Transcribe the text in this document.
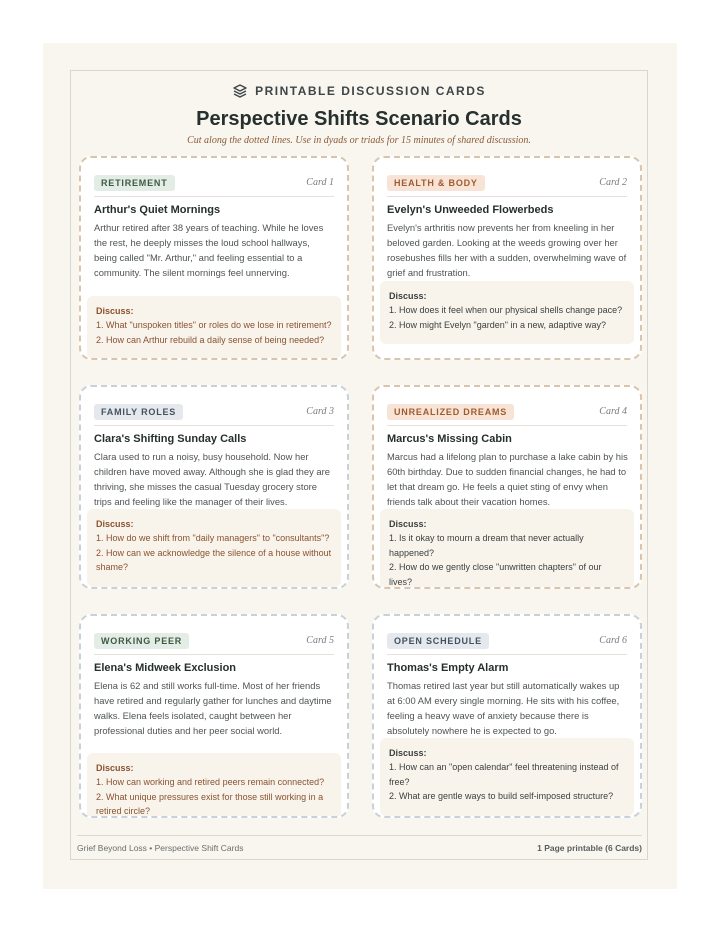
PRINTABLE DISCUSSION CARDS
Perspective Shifts Scenario Cards
Cut along the dotted lines. Use in dyads or triads for 15 minutes of shared discussion.
RETIREMENT	Card 1
Arthur's Quiet Mornings

Arthur retired after 38 years of teaching. While he loves the rest, he deeply misses the loud school hallways, being called "Mr. Arthur," and feeling essential to a community. The silent mornings feel unnerving.

Discuss:
1. What "unspoken titles" or roles do we lose in retirement?
2. How can Arthur rebuild a daily sense of being needed?
HEALTH & BODY	Card 2
Evelyn's Unweeded Flowerbeds

Evelyn's arthritis now prevents her from kneeling in her beloved garden. Looking at the weeds growing over her rosebushes fills her with a sudden, overwhelming wave of grief and frustration.

Discuss:
1. How does it feel when our physical shells change pace?
2. How might Evelyn "garden" in a new, adaptive way?
FAMILY ROLES	Card 3
Clara's Shifting Sunday Calls

Clara used to run a noisy, busy household. Now her children have moved away. Although she is glad they are thriving, she misses the casual Tuesday grocery store trips and feeling like the manager of their lives.

Discuss:
1. How do we shift from "daily managers" to "consultants"?
2. How can we acknowledge the silence of a house without shame?
UNREALIZED DREAMS	Card 4
Marcus's Missing Cabin

Marcus had a lifelong plan to purchase a lake cabin by his 60th birthday. Due to sudden financial changes, he had to let that dream go. He feels a quiet sting of envy when friends talk about their vacation homes.

Discuss:
1. Is it okay to mourn a dream that never actually happened?
2. How do we gently close "unwritten chapters" of our lives?
WORKING PEER	Card 5
Elena's Midweek Exclusion

Elena is 62 and still works full-time. Most of her friends have retired and regularly gather for lunches and daytime walks. Elena feels isolated, caught between her professional duties and her peer social world.

Discuss:
1. How can working and retired peers remain connected?
2. What unique pressures exist for those still working in a retired circle?
OPEN SCHEDULE	Card 6
Thomas's Empty Alarm

Thomas retired last year but still automatically wakes up at 6:00 AM every single morning. He sits with his coffee, feeling a heavy wave of anxiety because there is absolutely nowhere he is expected to go.

Discuss:
1. How can an "open calendar" feel threatening instead of free?
2. What are gentle ways to build self-imposed structure?
Grief Beyond Loss • Perspective Shift Cards	1 Page printable (6 Cards)
